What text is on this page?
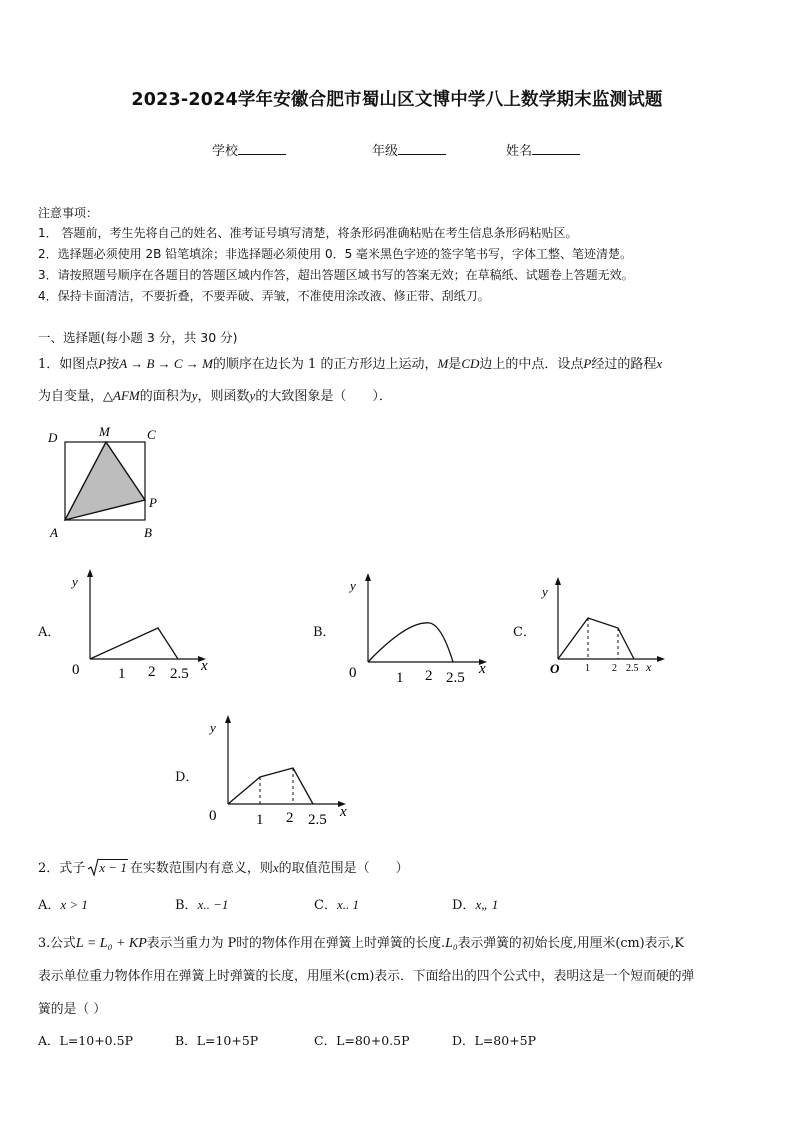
2023-2024学年安徽合肥市蜀山区文博中学八上数学期末监测试题
学校	年级	姓名
注意事项：
1． 答题前，考生先将自己的姓名、准考证号填写清楚，将条形码准确粘贴在考生信息条形码粘贴区。
2．选择题必须使用 2B 铅笔填涂；非选择题必须使用 0．5 毫米黑色字迹的签字笔书写，字体工整、笔迹清楚。
3．请按照题号顺序在各题目的答题区域内作答，超出答题区域书写的答案无效；在草稿纸、试题卷上答题无效。
4．保持卡面清洁，不要折叠，不要弄破、弄皱，不准使用涂改液、修正带、刮纸刀。
一、选择题(每小题 3 分，共 30 分)
1．如图点P按A → B → C → M的顺序在边长为 1 的正方形边上运动，M是CD边上的中点．设点P经过的路程x
为自变量，△AFM的面积为y，则函数y的大致图象是（　　）．
D	M	C
P
A	B
A．
y
0	1 2 2.5 x
B．
y
0	1 2 2.5
x
C．
y
O	1 2 2.5 x
D．
y
0	1 2 2.5 x
2．式子 x − 1 在实数范围内有意义，则x的取值范围是（　　）
A．x > 1	B．x.. −1	C．x.. 1	D．x„ 1
3.公式L = L₀ + KP表示当重力为 P时的物体作用在弹簧上时弹簧的长度.L₀表示弹簧的初始长度,用厘米(cm)表示,K
表示单位重力物体作用在弹簧上时弹簧的长度，用厘米(cm)表示．下面给出的四个公式中，表明这是一个短而硬的弹
簧的是（ ）
A．L=10+0.5P	B．L=10+5P	C．L=80+0.5P	D．L=80+5P
